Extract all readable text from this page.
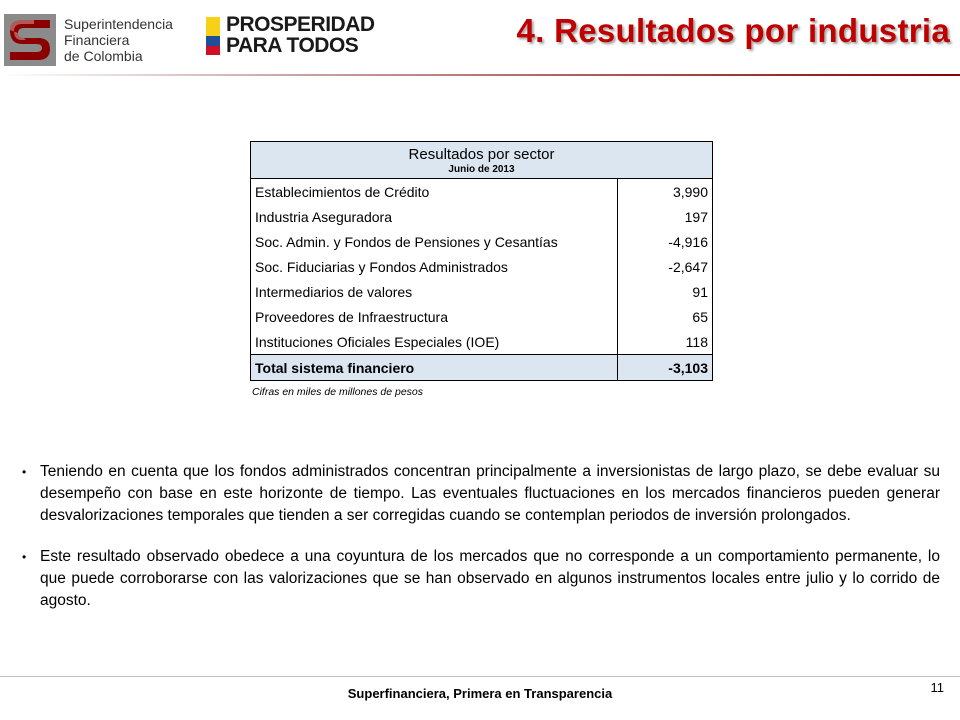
Superintendencia
Financiera
de Colombia
PROSPERIDAD
PARA TODOS	4. Resultados por industria
Resultados por sector
Junio de 2013	

Establecimientos de Crédito	3,990
Industria Aseguradora	197
Soc. Admin. y Fondos de Pensiones y Cesantías	-4,916
Soc. Fiduciarias y Fondos Administrados	-2,647
Intermediarios de valores	91
Proveedores de Infraestructura	65
Instituciones Oficiales Especiales (IOE)	118
Total sistema financiero	-3,103
Cifras en miles de millones de pesos
• Teniendo en cuenta que los fondos administrados concentran principalmente a inversionistas de largo plazo, se debe evaluar su desempeño con base en este horizonte de tiempo. Las eventuales fluctuaciones en los mercados financieros pueden generar desvalorizaciones temporales que tienden a ser corregidas cuando se contemplan periodos de inversión prolongados.
• Este resultado observado obedece a una coyuntura de los mercados que no corresponde a un comportamiento permanente, lo que puede corroborarse con las valorizaciones que se han observado en algunos instrumentos locales entre julio y lo corrido de agosto.
Superfinanciera, Primera en Transparencia	11
